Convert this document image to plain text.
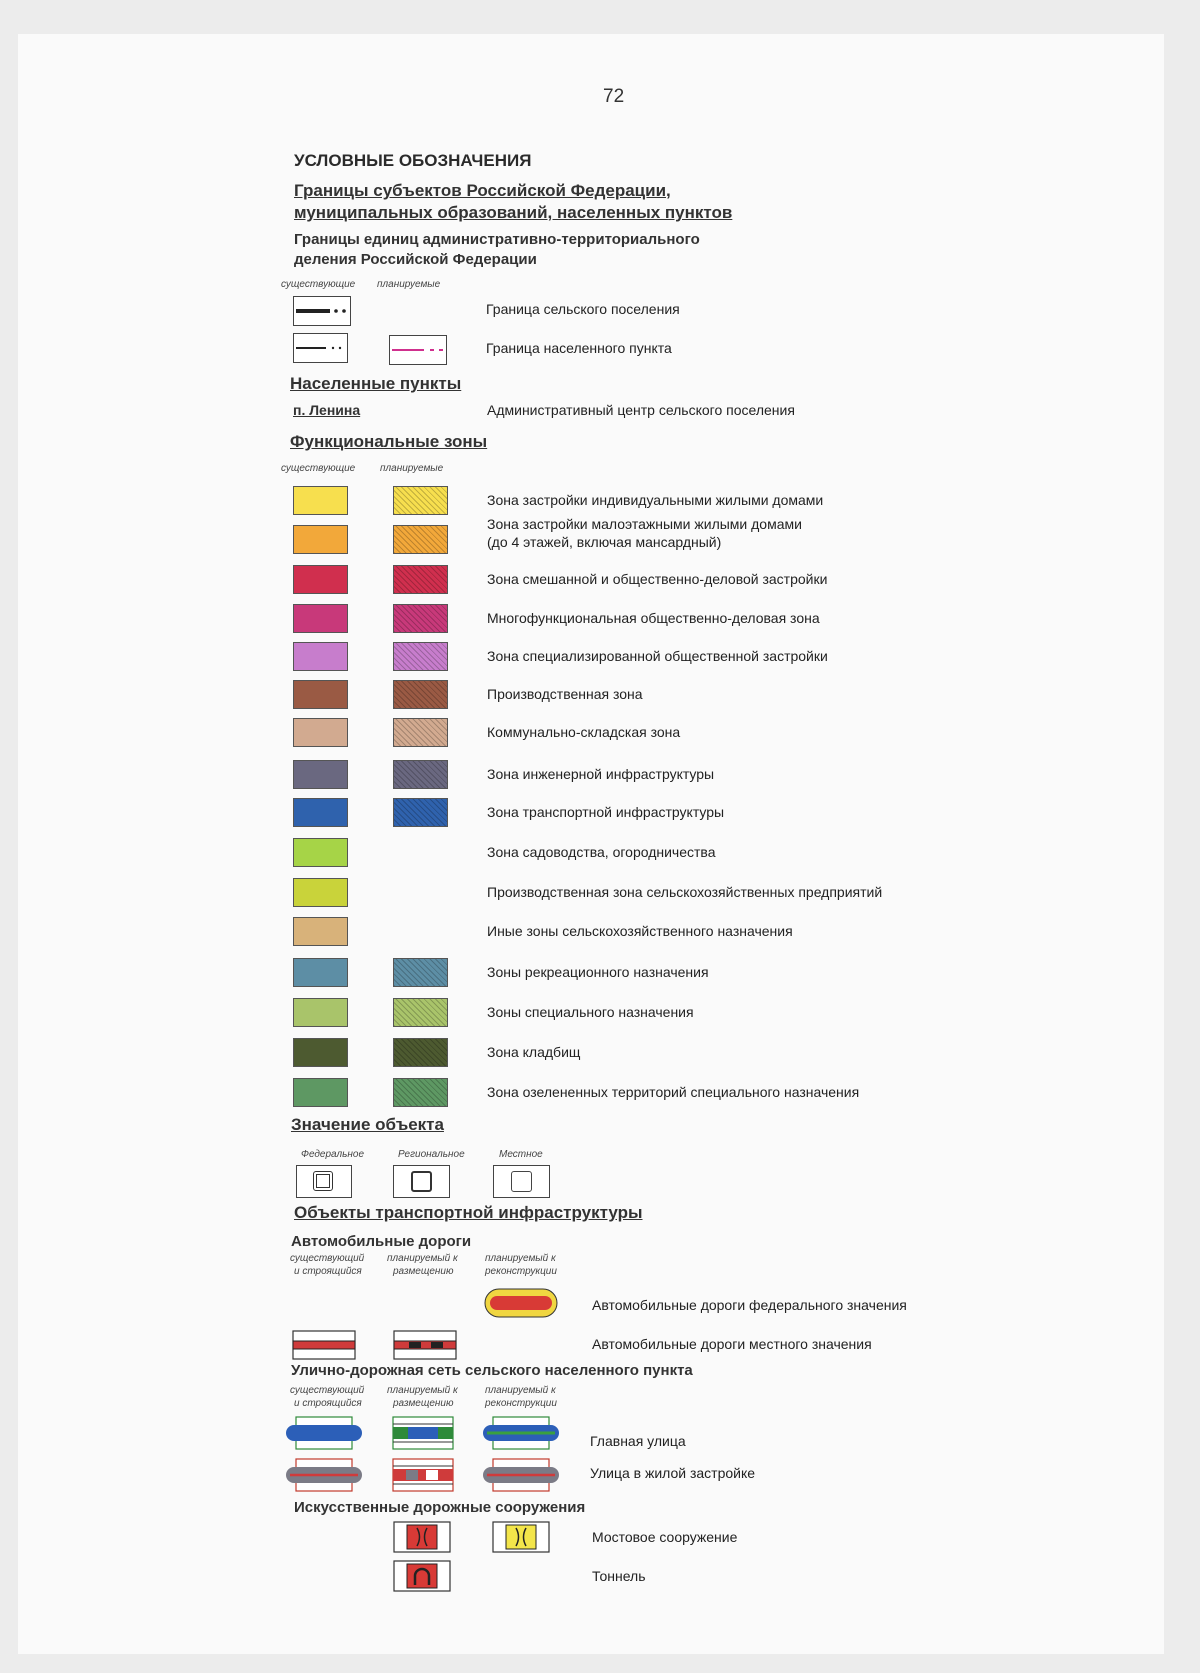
72
УСЛОВНЫЕ ОБОЗНАЧЕНИЯ
Границы субъектов Российской Федерации,
муниципальных образований, населенных пунктов
Границы единиц административно-территориального
деления Российской Федерации
существующие планируемые
Граница сельского поселения
Граница населенного пункта
Населенные пункты
п. Ленина	Административный центр сельского поселения
Функциональные зоны
существующие планируемые
Зона застройки индивидуальными жилыми домами
Зона застройки малоэтажными жилыми домами
(до 4 этажей, включая мансардный)
Зона смешанной и общественно-деловой застройки
Многофункциональная общественно-деловая зона
Зона специализированной общественной застройки
Производственная зона
Коммунально-складская зона
Зона инженерной инфраструктуры
Зона транспортной инфраструктуры
Зона садоводства, огородничества
Производственная зона сельскохозяйственных предприятий
Иные зоны сельскохозяйственного назначения
Зоны рекреационного назначения
Зоны специального назначения
Зона кладбищ
Зона озелененных территорий специального назначения
Значение объекта
Федеральное	Региональное	Местное
Объекты транспортной инфраструктуры
Автомобильные дороги
существующий
и строящийся
планируемый к
размещению
планируемый к
реконструкции
Автомобильные дороги федерального значения
Автомобильные дороги местного значения
Улично-дорожная сеть сельского населенного пункта
существующий
и строящийся
планируемый к
размещению
планируемый к
реконструкции
Главная улица
Улица в жилой застройке
Искусственные дорожные сооружения
Мостовое сооружение
Тоннель
